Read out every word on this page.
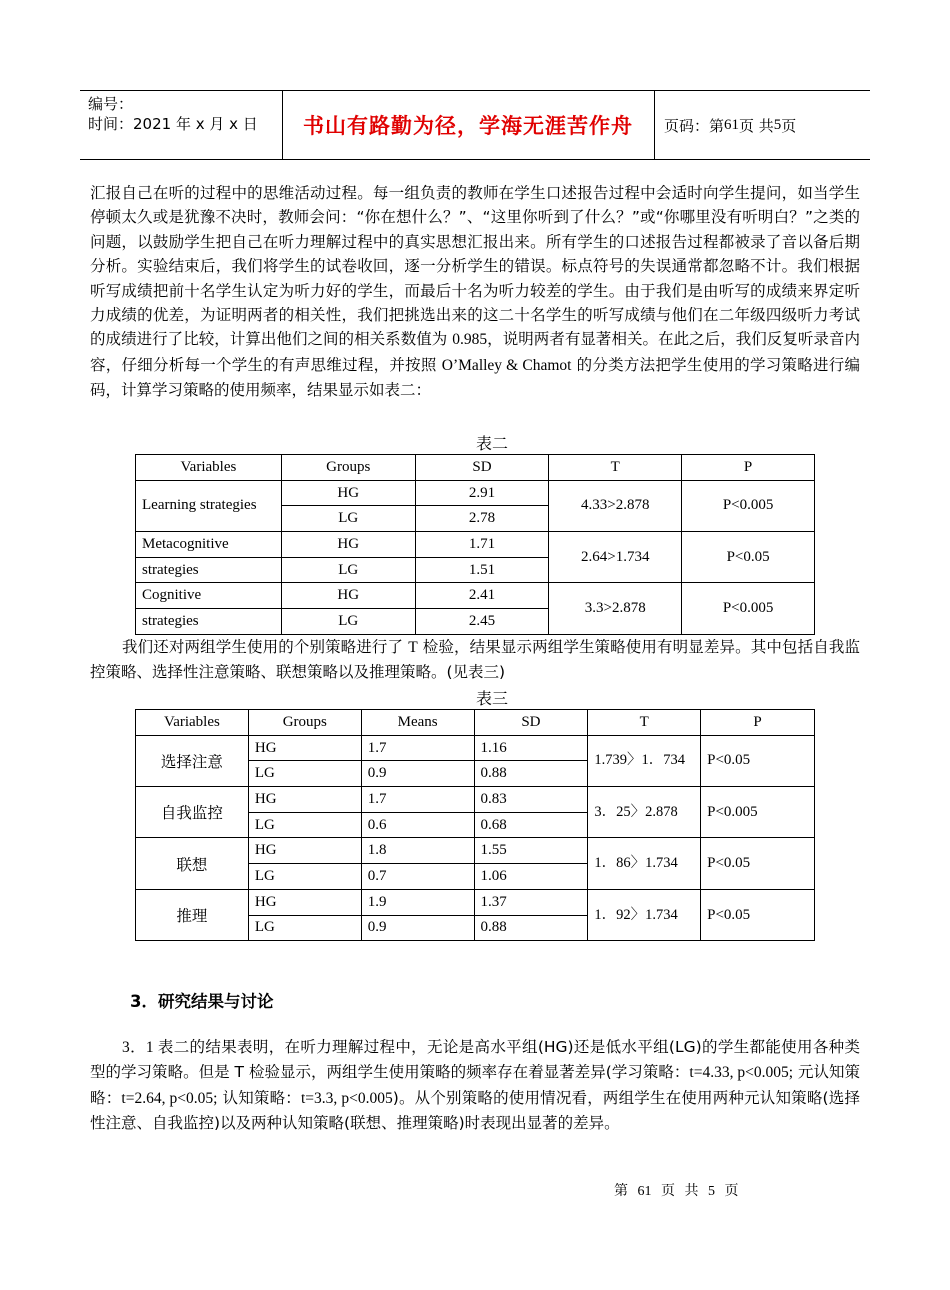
编号：
时间：2021 年 x 月 x 日	书山有路勤为径，学海无涯苦作舟	页码：第 61 页 共 5 页
汇报自己在听的过程中的思维活动过程。每一组负责的教师在学生口述报告过程中会适时向学生提问，如当学生停顿太久或是犹豫不决时，教师会问：“你在想什么？”、“这里你听到了什么？”或“你哪里没有听明白？”之类的问题，以鼓励学生把自己在听力理解过程中的真实思想汇报出来。所有学生的口述报告过程都被录了音以备后期分析。实验结束后，我们将学生的试卷收回，逐一分析学生的错误。标点符号的失误通常都忽略不计。我们根据听写成绩把前十名学生认定为听力好的学生，而最后十名为听力较差的学生。由于我们是由听写的成绩来界定听力成绩的优差，为证明两者的相关性，我们把挑选出来的这二十名学生的听写成绩与他们在二年级四级听力考试的成绩进行了比较，计算出他们之间的相关系数值为 0.985，说明两者有显著相关。在此之后，我们反复听录音内容，仔细分析每一个学生的有声思维过程，并按照 O’Malley & Chamot 的分类方法把学生使用的学习策略进行编码，计算学习策略的使用频率，结果显示如表二：
表二
Variables	Groups	SD	T	P
Learning strategies	HG	2.91	4.33>2.878	P<0.005
	LG	2.78		
Metacognitive	HG	1.71	2.64>1.734	P<0.05
strategies	LG	1.51		
Cognitive	HG	2.41	3.3>2.878	P<0.005
strategies	LG	2.45		
我们还对两组学生使用的个别策略进行了 T 检验，结果显示两组学生策略使用有明显差异。其中包括自我监控策略、选择性注意策略、联想策略以及推理策略。(见表三)
表三
Variables	Groups	Means	SD	T	P
选择注意	HG	1.7	1.16	1.739〉1．734	P<0.05
	LG	0.9	0.88		
自我监控	HG	1.7	0.83	3．25〉2.878	P<0.005
	LG	0.6	0.68		
联想	HG	1.8	1.55	1．86〉1.734	P<0.05
	LG	0.7	1.06		
推理	HG	1.9	1.37	1．92〉1.734	P<0.05
	LG	0.9	0.88		
3．研究结果与讨论
3．1 表二的结果表明，在听力理解过程中，无论是高水平组(HG)还是低水平组(LG)的学生都能使用各种类型的学习策略。但是 T 检验显示，两组学生使用策略的频率存在着显著差异(学习策略：t=4.33, p<0.005; 元认知策略：t=2.64, p<0.05; 认知策略：t=3.3, p<0.005)。从个别策略的使用情况看，两组学生在使用两种元认知策略(选择性注意、自我监控)以及两种认知策略(联想、推理策略)时表现出显著的差异。
第 61 页 共 5 页
